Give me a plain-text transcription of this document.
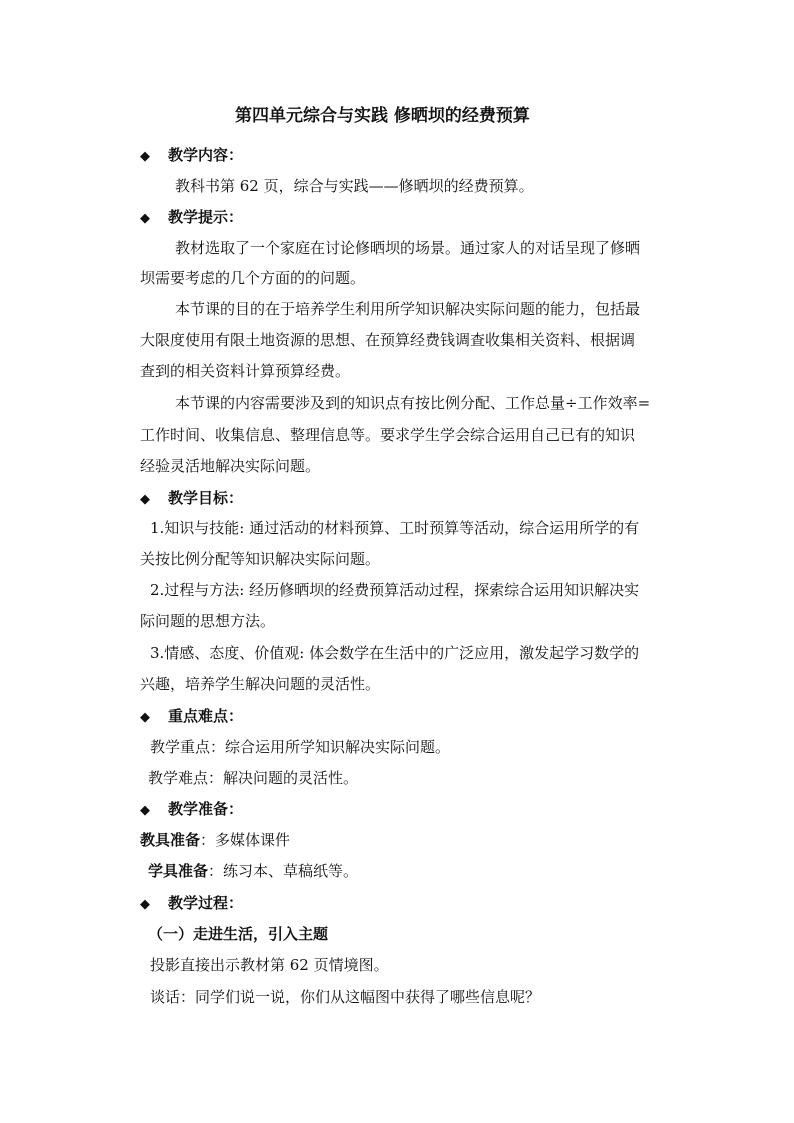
第四单元综合与实践 修晒坝的经费预算
◆ 教学内容：
教科书第 62 页，综合与实践——修晒坝的经费预算。
◆ 教学提示：
教材选取了一个家庭在讨论修晒坝的场景。通过家人的对话呈现了修晒
坝需要考虑的几个方面的的问题。
本节课的目的在于培养学生利用所学知识解决实际问题的能力，包括最
大限度使用有限土地资源的思想、在预算经费钱调查收集相关资料、根据调
查到的相关资料计算预算经费。
本节课的内容需要涉及到的知识点有按比例分配、工作总量÷工作效率=
工作时间、收集信息、整理信息等。要求学生学会综合运用自己已有的知识
经验灵活地解决实际问题。
◆ 教学目标：
1.知识与技能: 通过活动的材料预算、工时预算等活动，综合运用所学的有
关按比例分配等知识解决实际问题。
2.过程与方法: 经历修晒坝的经费预算活动过程，探索综合运用知识解决实
际问题的思想方法。
3.情感、态度、价值观: 体会数学在生活中的广泛应用，激发起学习数学的
兴趣，培养学生解决问题的灵活性。
◆ 重点难点：
教学重点：综合运用所学知识解决实际问题。
教学难点：解决问题的灵活性。
◆ 教学准备：
教具准备：多媒体课件
学具准备：练习本、草稿纸等。
◆ 教学过程：
（一）走进生活，引入主题
投影直接出示教材第 62 页情境图。
谈话：同学们说一说，你们从这幅图中获得了哪些信息呢？
